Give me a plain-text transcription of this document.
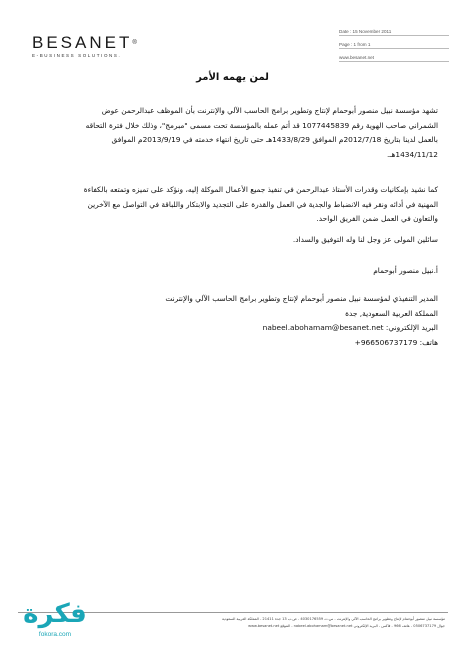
BESANET®
E-BUSINESS SOLUTIONS.
Date : 15 November 2011
Page : 1 from 1
www.besanet.net
لمن يهمه الأمر
تشهد مؤسسة نبيل منصور أبوحمام لإنتاج وتطوير برامج الحاسب الآلي والإنترنت بأن الموظف عبدالرحمن عوض
الشمراني صاحب الهوية رقم 1077445839 قد أتم عمله بالمؤسسة تحت مسمى "مبرمج"، وذلك خلال فترة التحاقه
بالعمل لدينا بتاريخ 2012/7/18م الموافق 1433/8/29هـ حتى تاريخ انتهاء خدمته في 2013/9/19م الموافق
1434/11/12هـ.
كما نشيد بإمكانيات وقدرات الأستاذ عبدالرحمن في تنفيذ جميع الأعمال الموكلة إليه، ونؤكد على تميزه وتمتعه بالكفاءة
المهنية في أدائه ونقر فيه الانضباط والجدية في العمل والقدرة على التجديد والابتكار واللباقة في التواصل مع الآخرين
والتعاون في العمل ضمن الفريق الواحد.
سائلين المولى عز وجل لنا وله التوفيق والسداد.
أ.نبيل منصور أبوحمام
المدير التنفيذي لمؤسسة نبيل منصور أبوحمام لإنتاج وتطوير برامج الحاسب الآلي والإنترنت
المملكة العربية السعودية, جدة
البريد الإلكتروني: nabeel.abohamam@besanet.net
هاتف: +966506737179
مؤسسة نبيل منصور أبوحمام لإنتاج وتطوير برامج الحاسب الآلي والإنترنت - س.ت 4030176559 - ص.ب 13 جدة 21411 - المملكة العربية السعودية
جوال 0506737179 - هاتف 966 - فاكس - البريد الإلكتروني nabeel.abohamam@besanet.net - الموقع www.besanet.net
فكرة
fokora.com
